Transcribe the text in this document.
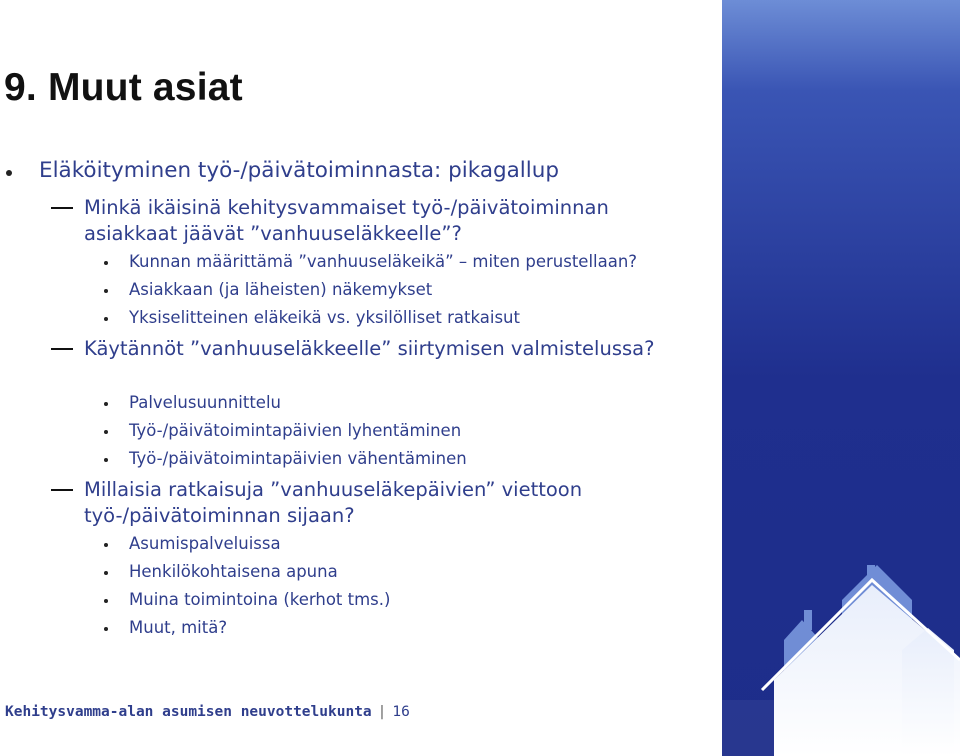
9. Muut asiat
Eläköityminen työ-/päivätoiminnasta: pikagallup
Minkä ikäisinä kehitysvammaiset työ-/päivätoiminnan asiakkaat jäävät ”vanhuuseläkkeelle”?
Kunnan määrittämä ”vanhuuseläkeikä” – miten perustellaan?
Asiakkaan (ja läheisten) näkemykset
Yksiselitteinen eläkeikä vs. yksilölliset ratkaisut
Käytännöt ”vanhuuseläkkeelle” siirtymisen valmistelussa?
Palvelusuunnittelu
Työ-/päivätoimintapäivien lyhentäminen
Työ-/päivätoimintapäivien vähentäminen
Millaisia ratkaisuja ”vanhuuseläkepäivien” viettoon työ-/päivätoiminnan sijaan?
Asumispalveluissa
Henkilökohtaisena apuna
Muina toimintoina (kerhot tms.)
Muut, mitä?
Kehitysvamma-alan asumisen neuvottelukunta | 16
